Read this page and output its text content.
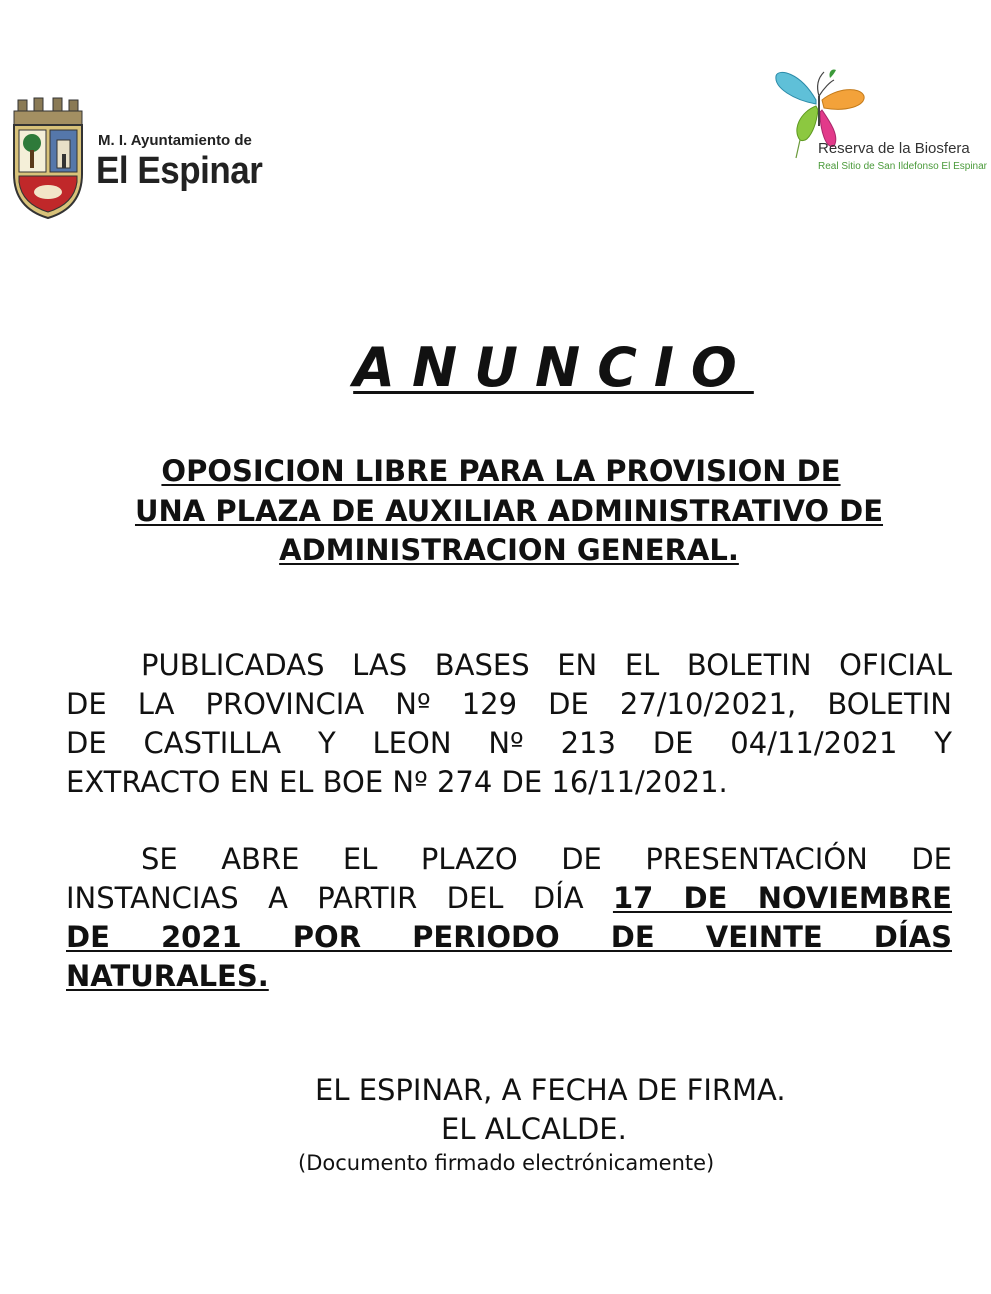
M. I. Ayuntamiento de
El Espinar
Reserva de la Biosfera
Real Sitio de San Ildefonso El Espinar
ANUNCIO
OPOSICION LIBRE PARA LA PROVISION DE
UNA PLAZA DE AUXILIAR ADMINISTRATIVO DE
ADMINISTRACION GENERAL.
PUBLICADAS LAS BASES EN EL BOLETIN OFICIAL
DE LA PROVINCIA Nº 129 DE 27/10/2021, BOLETIN
DE CASTILLA Y LEON Nº 213 DE 04/11/2021 Y
EXTRACTO EN EL BOE Nº 274 DE 16/11/2021.
SE ABRE EL PLAZO DE PRESENTACIÓN DE
INSTANCIAS A PARTIR DEL DÍA 17 DE NOVIEMBRE
DE 2021 POR PERIODO DE VEINTE DÍAS
NATURALES.
EL ESPINAR, A FECHA DE FIRMA.
EL ALCALDE.
(Documento firmado electrónicamente)
